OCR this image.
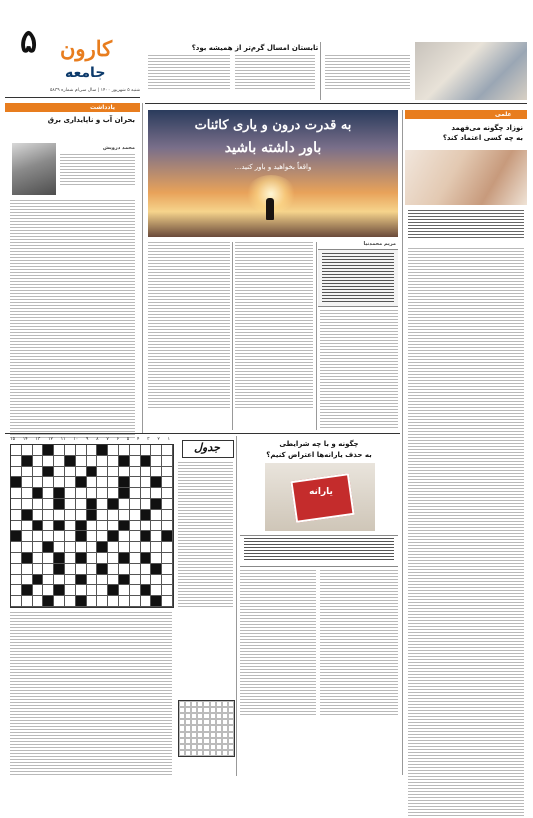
۵ کارون
جامعه
شنبه ۵ شهریور ۱۴۰۰ | سال سی‌ام شماره ۵۸۳۹
تابستان امسال گرم‌تر از همیشه بود؟
یادداشت
بحران آب و ناپایداری برق
محمد درویش
به قدرت درون و یاری کائنات
باور داشته باشید
واقعاً بخواهید و باور کنید...
علمی
نوزاد چگونه می‌فهمد
به چه کسی اعتماد کند؟
مریم محمدنیا
چگونه و با چه شرایطی
به حذف یارانه‌ها اعتراض کنیم؟
یارانه
جدول
۱
۲
۳
۴
۵
۶
۷
۸
۹
۱۰
۱۱
۱۲
۱۳
۱۴
۱۵
